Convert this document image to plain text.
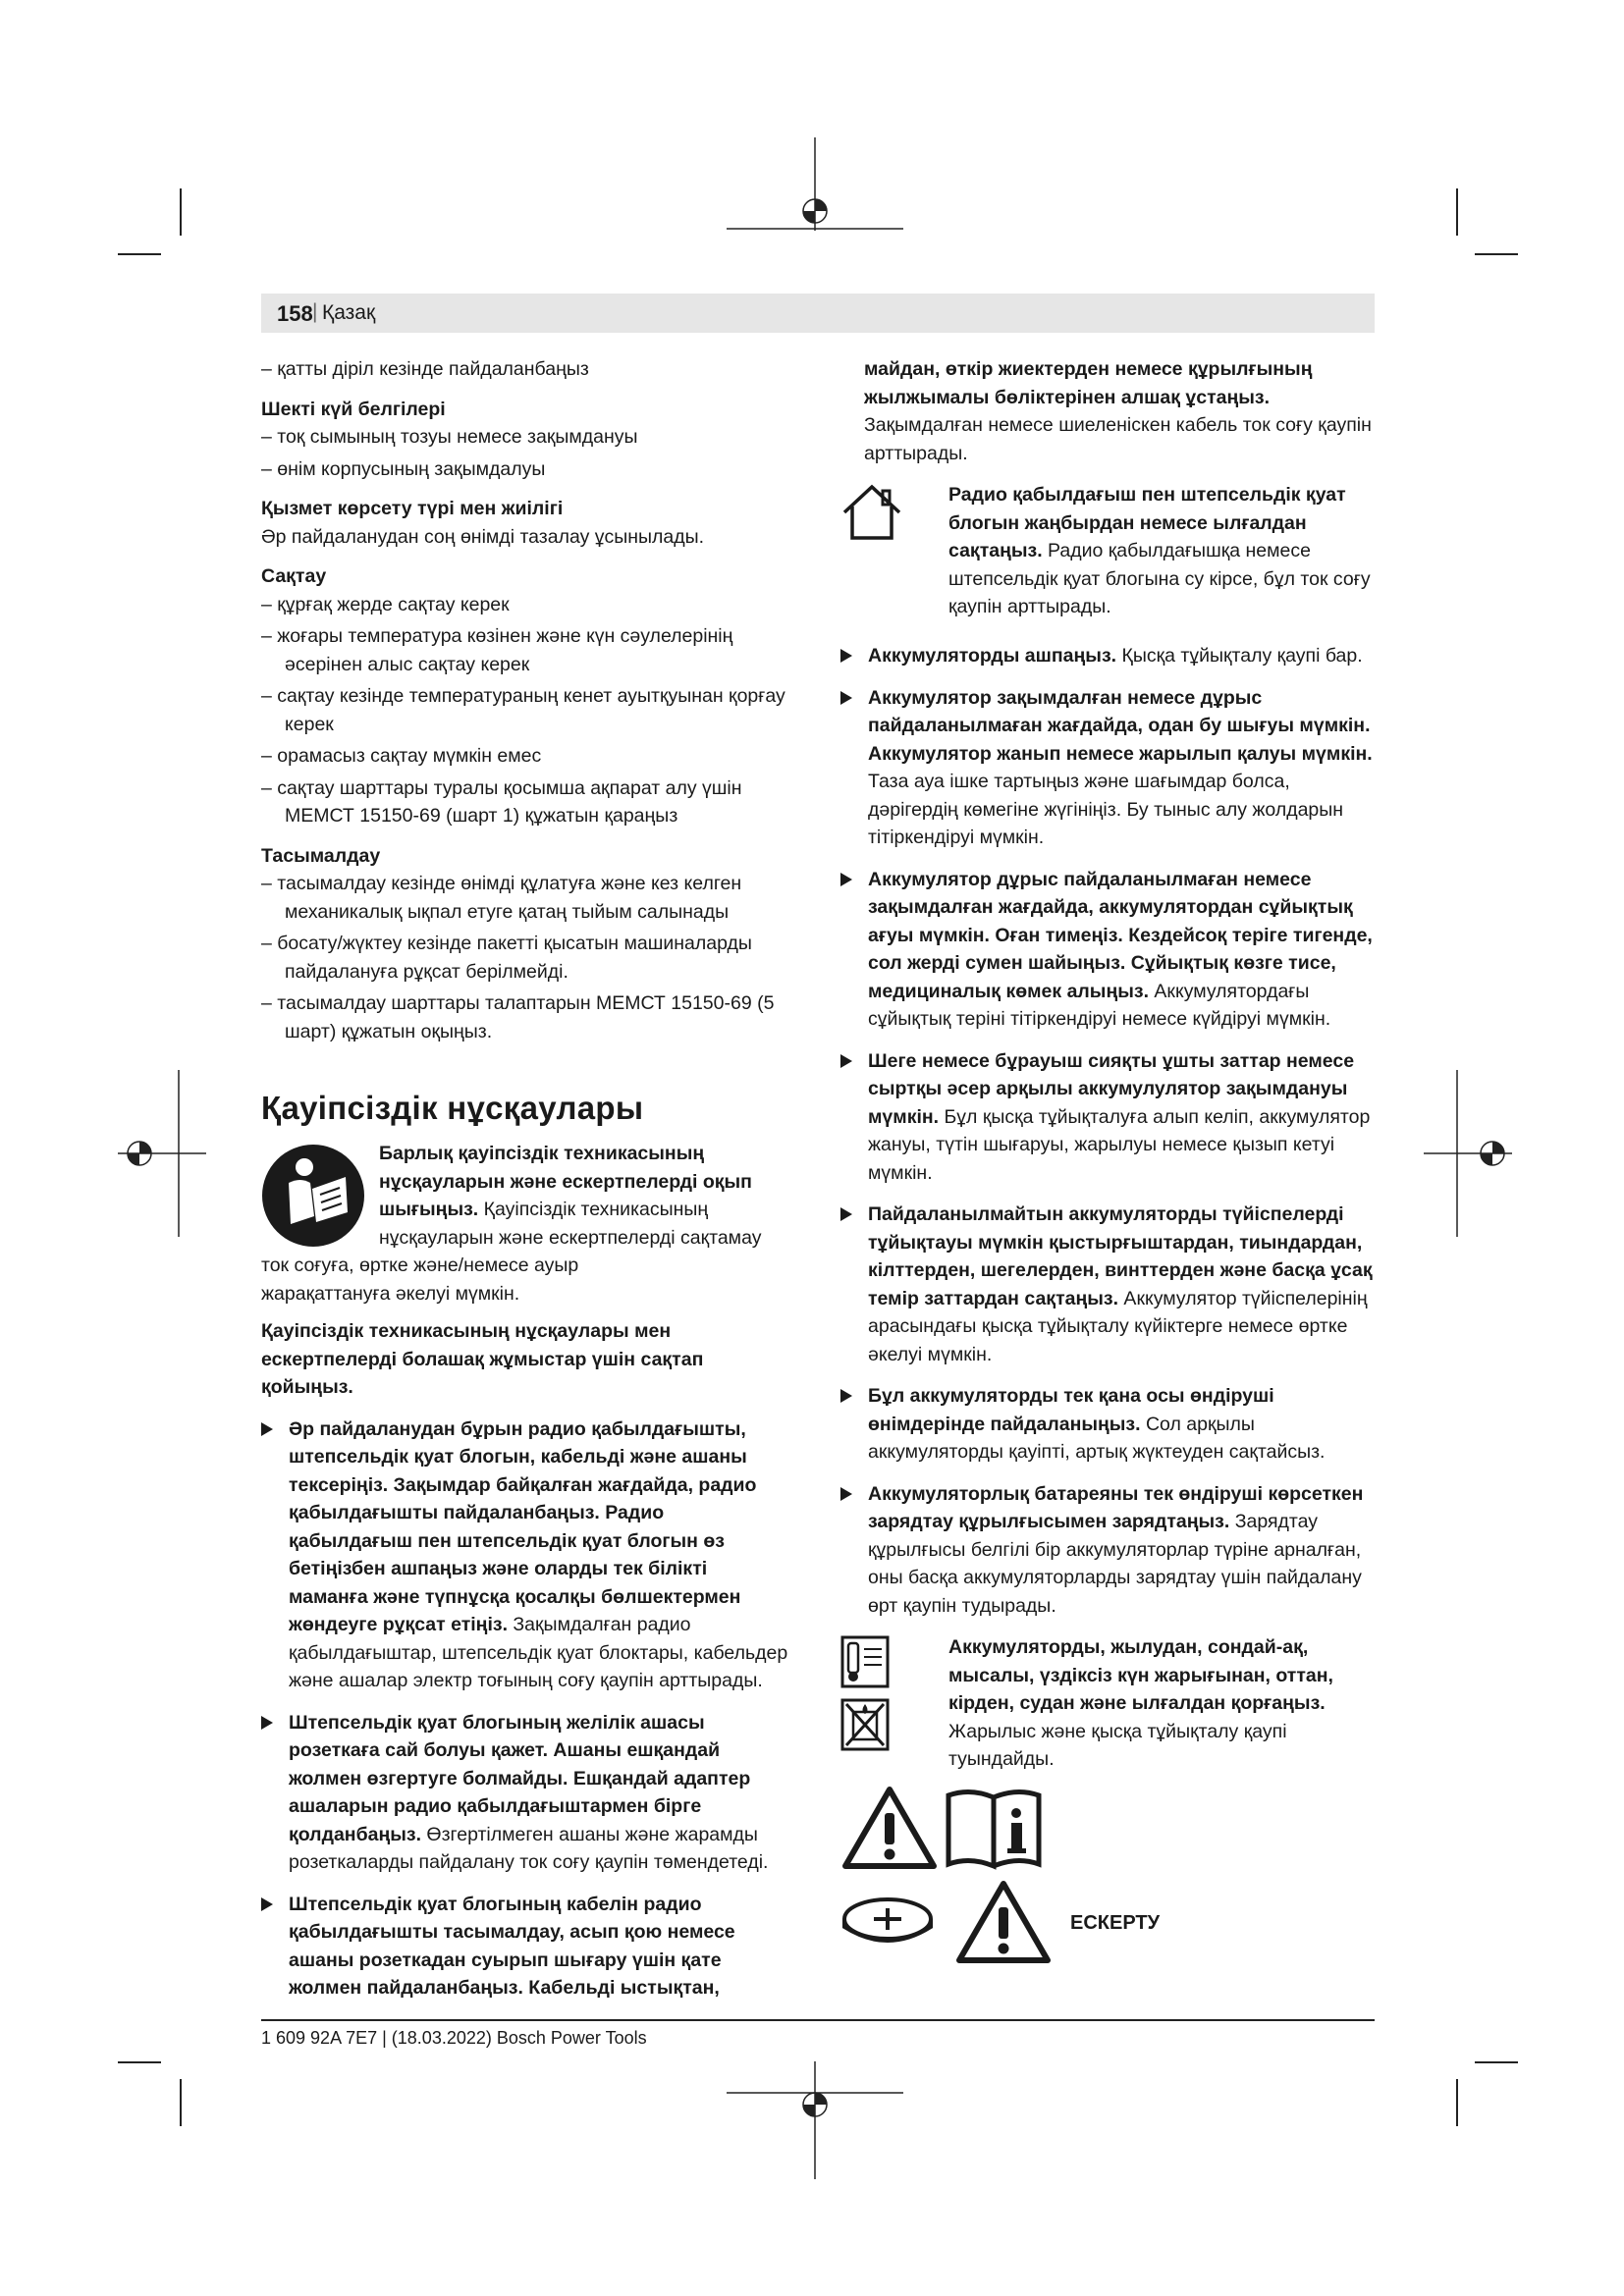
158 | Қазақ

– қатты діріл кезінде пайдаланбаңыз

Шекті күй белгілері

– тоқ сымының тозуы немесе зақымдануы

– өнім корпусының зақымдалуы

Қызмет көрсету түрі мен жиілігі

Әр пайдаланудан соң өнімді тазалау ұсынылады.

Сақтау

– құрғақ жерде сақтау керек

– жоғары температура көзінен және күн сәулелерінің әсерінен алыс сақтау керек

– сақтау кезінде температураның кенет ауытқуынан қорғау керек

– орамасыз сақтау мүмкін емес

– сақтау шарттары туралы қосымша ақпарат алу үшін МЕМСТ 15150-69 (шарт 1) құжатын қараңыз

Тасымалдау

– тасымалдау кезінде өнімді құлатуға және кез келген механикалық ықпал етуге қатаң тыйым салынады

– босату/жүктеу кезінде пакетті қысатын машиналарды пайдалануға рұқсат берілмейді.

– тасымалдау шарттары талаптарын МЕМСТ 15150-69 (5 шарт) құжатын оқыңыз.

Қауіпсіздік нұсқаулары

Барлық қауіпсіздік техникасының нұсқауларын және ескертпелерді оқып шығыңыз. Қауіпсіздік техникасының нұсқауларын және ескертпелерді сақтамау ток соғуға, өртке және/немесе ауыр

жарақаттануға әкелуі мүмкін.

Қауіпсіздік техникасының нұсқаулары мен ескертпелерді болашақ жұмыстар үшін сақтап қойыңыз.

Әр пайдаланудан бұрын радио қабылдағышты, штепсельдік қуат блогын, кабельді және ашаны тексеріңіз. Зақымдар байқалған жағдайда, радио қабылдағышты пайдаланбаңыз. Радио қабылдағыш пен штепсельдік қуат блогын өз бетіңізбен ашпаңыз және оларды тек білікті маманға және түпнұсқа қосалқы бөлшектермен жөндеуге рұқсат етіңіз. Зақымдалған радио қабылдағыштар, штепсельдік қуат блоктары, кабельдер және ашалар электр тоғының соғу қаупін арттырады.
Штепсельдік қуат блогының желілік ашасы розеткаға сай болуы қажет. Ашаны ешқандай жолмен өзгертуге болмайды. Ешқандай адаптер ашаларын радио қабылдағыштармен бірге қолданбаңыз. Өзгертілмеген ашаны және жарамды розеткаларды пайдалану ток соғу қаупін төмендетеді.
Штепсельдік қуат блогының кабелін радио қабылдағышты тасымалдау, асып қою немесе ашаны розеткадан суырып шығару үшін қате жолмен пайдаланбаңыз. Кабельді ыстықтан,

майдан, өткір жиектерден немесе құрылғының жылжымалы бөліктерінен алшақ ұстаңыз. Зақымдалған немесе шиеленіскен кабель ток соғу қаупін арттырады.

Радио қабылдағыш пен штепсельдік қуат блогын жаңбырдан немесе ылғалдан сақтаңыз. Радио қабылдағышқа немесе штепсельдік қуат блогына су кірсе, бұл ток соғу қаупін арттырады.

Аккумуляторды ашпаңыз. Қысқа тұйықталу қаупі бар.
Аккумулятор зақымдалған немесе дұрыс пайдаланылмаған жағдайда, одан бу шығуы мүмкін. Аккумулятор жанып немесе жарылып қалуы мүмкін. Таза ауа ішке тартыңыз және шағымдар болса, дәрігердің көмегіне жүгініңіз. Бу тыныс алу жолдарын тітіркендіруі мүмкін.
Аккумулятор дұрыс пайдаланылмаған немесе зақымдалған жағдайда, аккумулятордан сұйықтық ағуы мүмкін. Оған тимеңіз. Кездейсоқ терігe тигенде, сол жерді сумен шайыңыз. Сұйықтық көзге тисе, медициналық көмек алыңыз. Аккумулятордағы сұйықтық теріні тітіркендіруі немесе күйдіруі мүмкін.
Шеге немесе бұрауыш сияқты ұшты заттар немесе сыртқы әсер арқылы аккумулулятор зақымдануы мүмкін. Бұл қысқа тұйықталуға алып келіп, аккумулятор жануы, түтін шығаруы, жарылуы немесе қызып кетуі мүмкін.
Пайдаланылмайтын аккумуляторды түйіспелерді тұйықтауы мүмкін қыстырғыштардан, тиындардан, кілттерден, шегелерден, винттерден және басқа ұсақ темір заттардан сақтаңыз. Аккумулятор түйіспелерінің арасындағы қысқа тұйықталу күйіктерге немесе өртке әкелуі мүмкін.
Бұл аккумуляторды тек қана осы өндіруші өнімдерінде пайдаланыңыз. Сол арқылы аккумуляторды қауіпті, артық жүктеуден сақтайсыз.
Аккумуляторлық батареяны тек өндіруші көрсеткен зарядтау құрылғысымен зарядтаңыз. Зарядтау құрылғысы белгілі бір аккумуляторлар түріне арналған, оны басқа аккумуляторларды зарядтау үшін пайдалану өрт қаупін тудырады.

Аккумуляторды, жылудан, сондай-ақ, мысалы, үздіксіз күн жарығынан, оттан, кірден, судан және ылғалдан қорғаңыз. Жарылыс және қысқа тұйықталу қаупі туындайды.

ЕСКЕРТУ
1 609 92A 7E7 | (18.03.2022) Bosch Power Tools
